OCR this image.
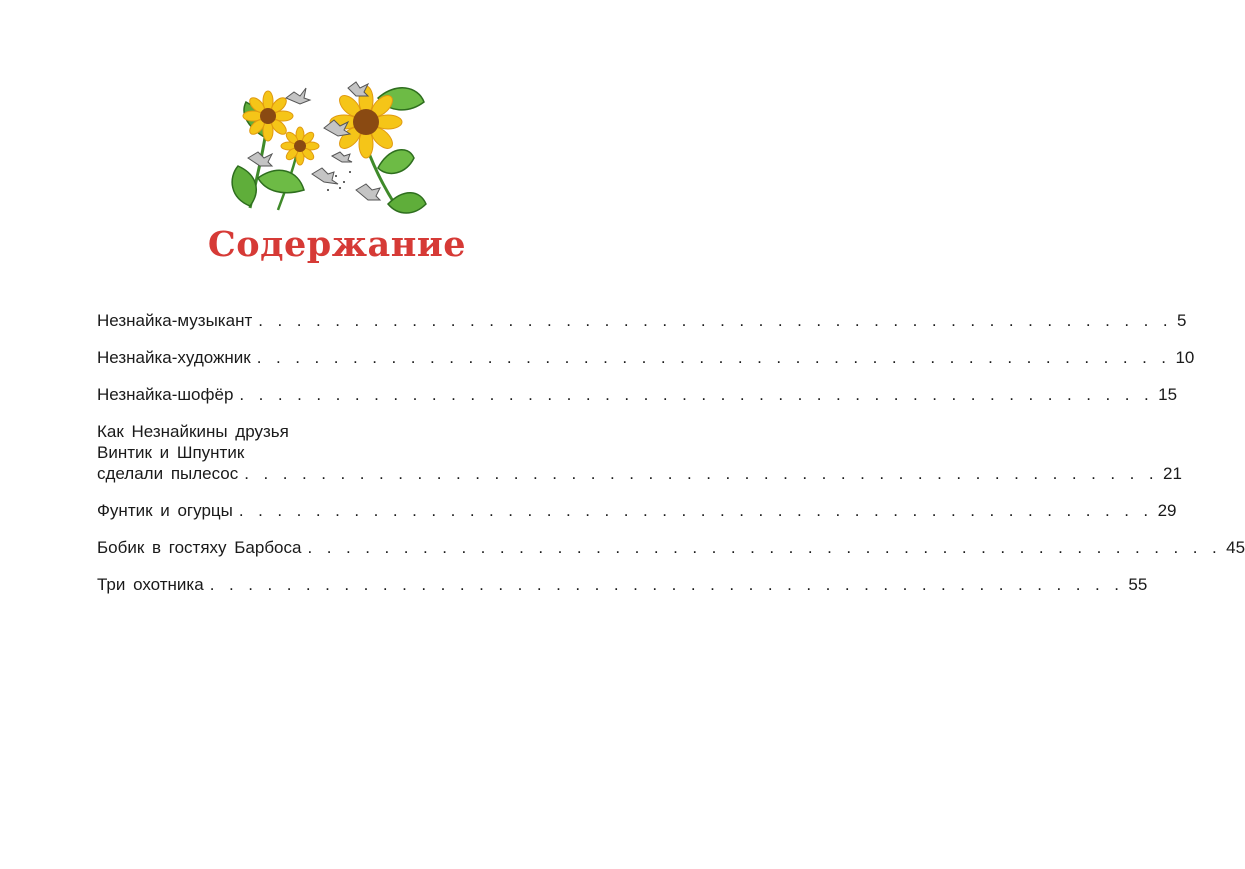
Содержание
Незнайка-музыкант . . . . . . . . . . . . . . . . . . . . . . . . . . . . . . . . . . . . . . . . . . . . . . . . 5
Незнайка-художник . . . . . . . . . . . . . . . . . . . . . . . . . . . . . . . . . . . . . . . . . . . . . . . . 10
Незнайка-шофёр . . . . . . . . . . . . . . . . . . . . . . . . . . . . . . . . . . . . . . . . . . . . . . . . 15
Как Незнайкины друзья
Винтик и Шпунтик
сделали пылесос . . . . . . . . . . . . . . . . . . . . . . . . . . . . . . . . . . . . . . . . . . . . . . . . 21
Фунтик и огурцы . . . . . . . . . . . . . . . . . . . . . . . . . . . . . . . . . . . . . . . . . . . . . . . . 29
Бобик в гостяху Барбоса . . . . . . . . . . . . . . . . . . . . . . . . . . . . . . . . . . . . . . . . . . . . . . . . 45
Три охотника . . . . . . . . . . . . . . . . . . . . . . . . . . . . . . . . . . . . . . . . . . . . . . . . 55
